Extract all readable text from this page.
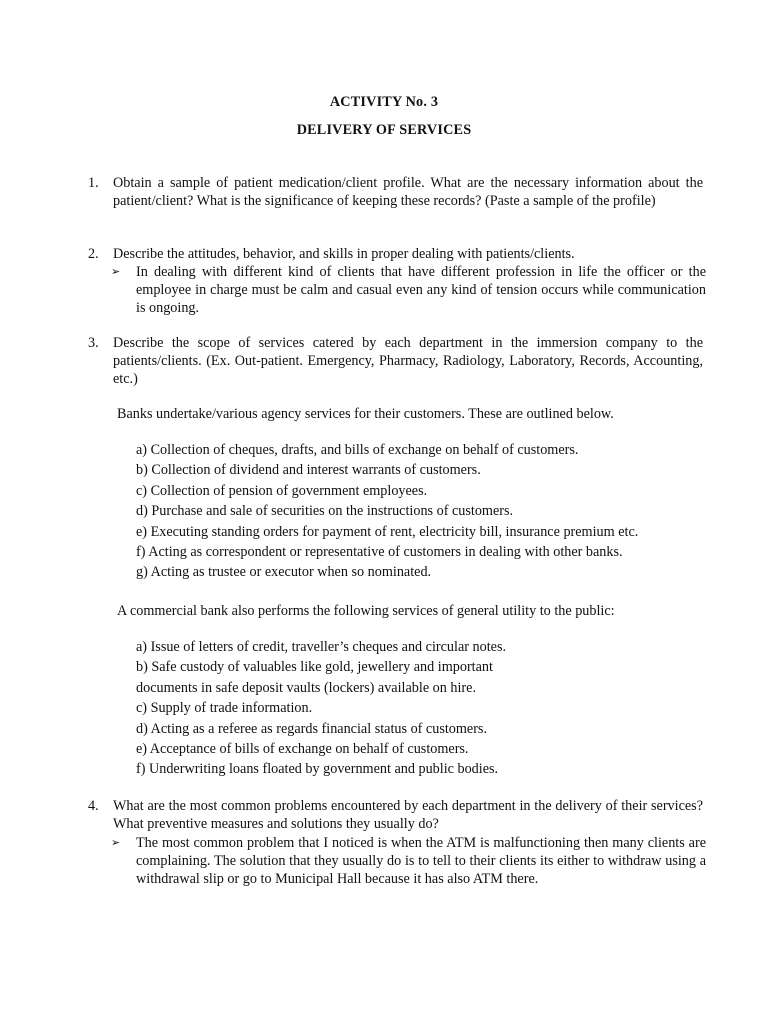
ACTIVITY No. 3
DELIVERY OF SERVICES
1.	Obtain a sample of patient medication/client profile. What are the necessary information about the patient/client? What is the significance of keeping these records? (Paste a sample of the profile)
2.	Describe the attitudes, behavior, and skills in proper dealing with patients/clients.
➢	In dealing with different kind of clients that have different profession in life the officer or the employee in charge must be calm and casual even any kind of tension occurs while communication is ongoing.
3.	Describe the scope of services catered by each department in the immersion company to the patients/clients. (Ex. Out-patient. Emergency, Pharmacy, Radiology, Laboratory, Records, Accounting, etc.)
Banks undertake/various agency services for their customers. These are outlined below.
a) Collection of cheques, drafts, and bills of exchange on behalf of customers.
b) Collection of dividend and interest warrants of customers.
c) Collection of pension of government employees.
d) Purchase and sale of securities on the instructions of customers.
e) Executing standing orders for payment of rent, electricity bill, insurance premium etc.
f) Acting as correspondent or representative of customers in dealing with other banks.
g) Acting as trustee or executor when so nominated.
A commercial bank also performs the following services of general utility to the public:
a) Issue of letters of credit, traveller’s cheques and circular notes.
b) Safe custody of valuables like gold, jewellery and important
documents in safe deposit vaults (lockers) available on hire.
c) Supply of trade information.
d) Acting as a referee as regards financial status of customers.
e) Acceptance of bills of exchange on behalf of customers.
f) Underwriting loans floated by government and public bodies.
4.	What are the most common problems encountered by each department in the delivery of their services? What preventive measures and solutions they usually do?
➢	The most common problem that I noticed is when the ATM is malfunctioning then many clients are complaining. The solution that they usually do is to tell to their clients its either to withdraw using a withdrawal slip or go to Municipal Hall because it has also ATM there.
